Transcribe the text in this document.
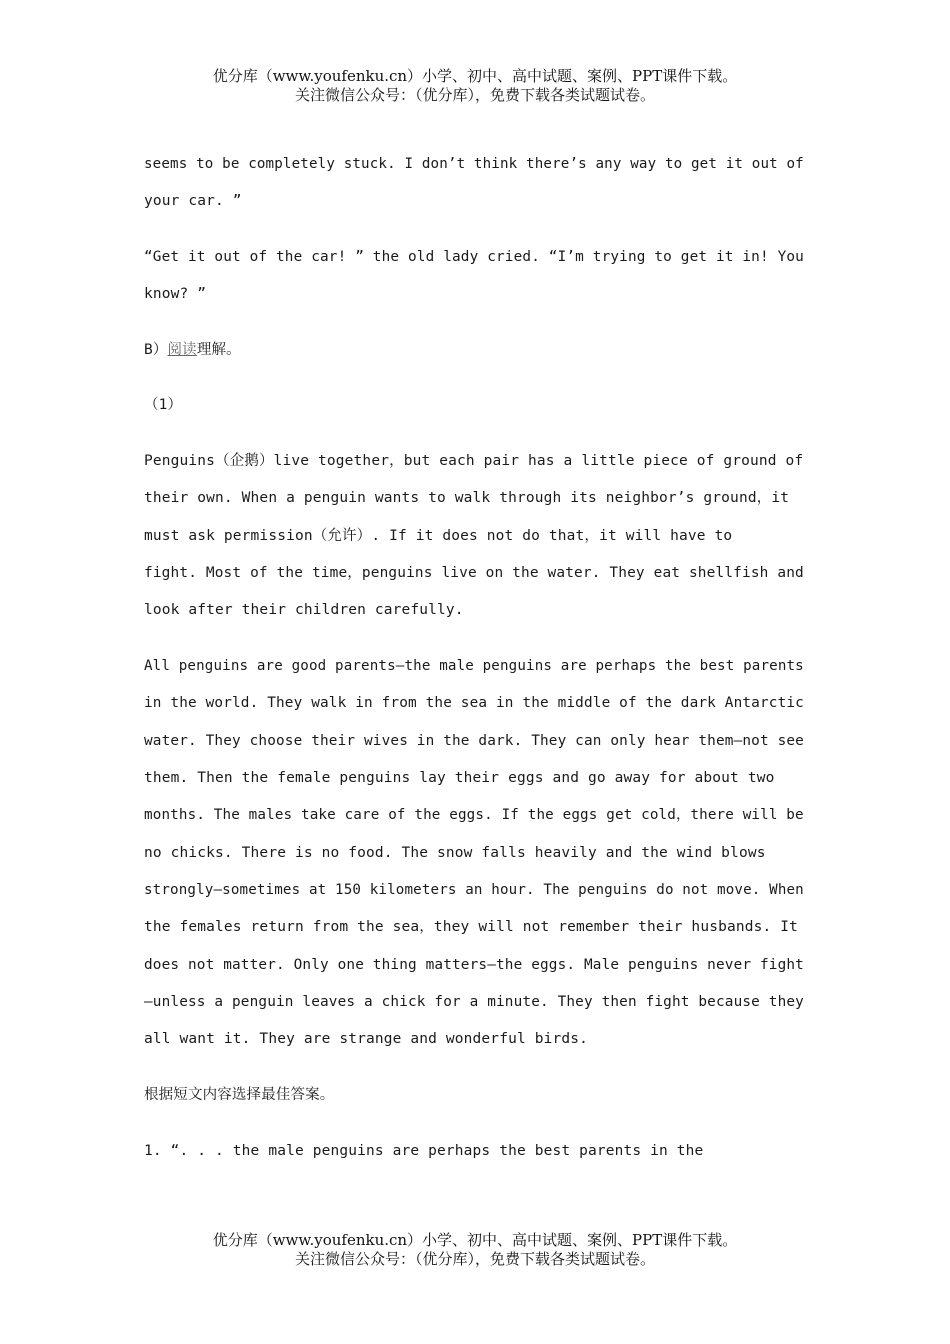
优分库（www.youfenku.cn）小学、初中、高中试题、案例、PPT课件下载。
关注微信公众号：（优分库），免费下载各类试题试卷。
seems to be completely stuck. I don’t think there’s any way to get it out of
your car. ”
“Get it out of the car! ” the old lady cried. “I’m trying to get it in! You
know? ”
B）阅读理解。
（1）
Penguins（企鹅）live together，but each pair has a little piece of ground of
their own. When a penguin wants to walk through its neighbor’s ground，it
must ask permission（允许）. If it does not do that，it will have to
fight. Most of the time，penguins live on the water. They eat shellfish and
look after their children carefully.
All penguins are good parents—the male penguins are perhaps the best parents
in the world. They walk in from the sea in the middle of the dark Antarctic
water. They choose their wives in the dark. They can only hear them—not see
them. Then the female penguins lay their eggs and go away for about two
months. The males take care of the eggs. If the eggs get cold，there will be
no chicks. There is no food. The snow falls heavily and the wind blows
strongly—sometimes at 150 kilometers an hour. The penguins do not move. When
the females return from the sea，they will not remember their husbands. It
does not matter. Only one thing matters—the eggs. Male penguins never fight
—unless a penguin leaves a chick for a minute. They then fight because they
all want it. They are strange and wonderful birds.
根据短文内容选择最佳答案。
1. “. . . the male penguins are perhaps the best parents in the
优分库（www.youfenku.cn）小学、初中、高中试题、案例、PPT课件下载。
关注微信公众号：（优分库），免费下载各类试题试卷。
